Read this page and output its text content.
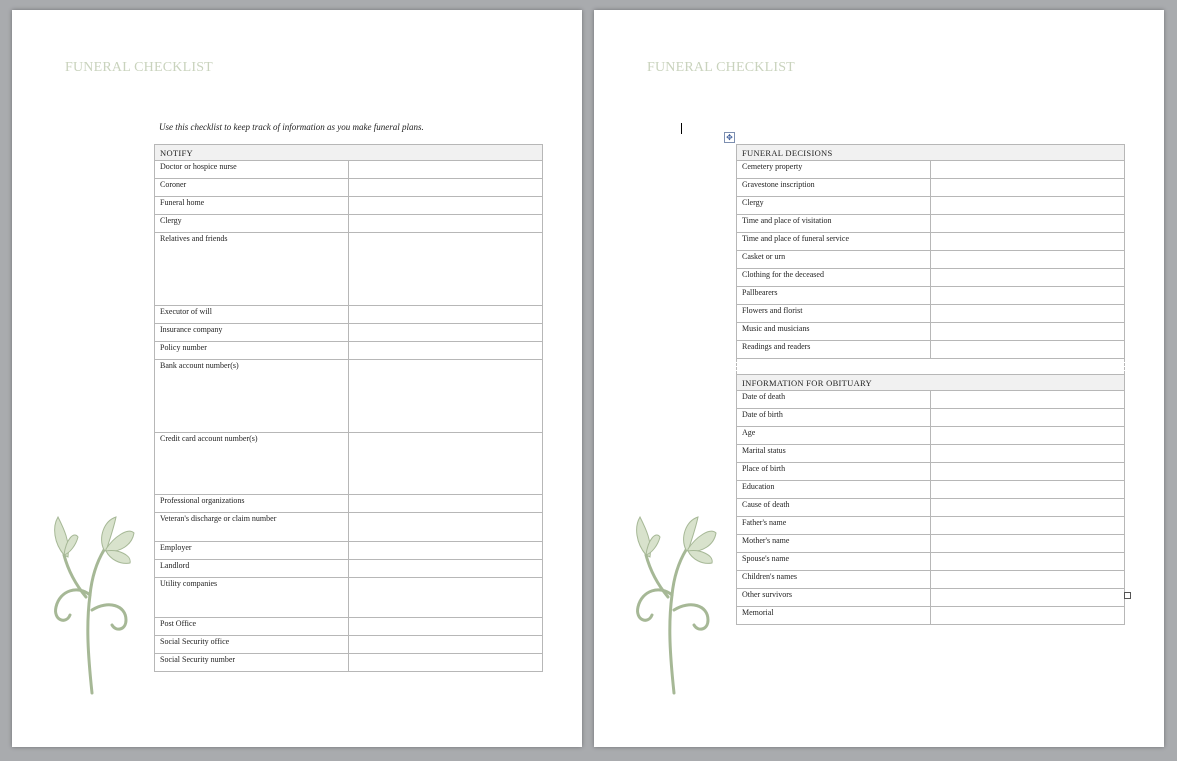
FUNERAL CHECKLIST
Use this checklist to keep track of information as you make funeral plans.
NOTIFY	
Doctor or hospice nurse	
Coroner	
Funeral home	
Clergy	
Relatives and friends	
Executor of will	
Insurance company	
Policy number	
Bank account number(s)	
Credit card account number(s)	
Professional organizations	
Veteran's discharge or claim number	
Employer	
Landlord	
Utility companies	
Post Office	
Social Security office	
Social Security number	
FUNERAL CHECKLIST
✥
FUNERAL DECISIONS	
Cemetery property	
Gravestone inscription	
Clergy	
Time and place of visitation	
Time and place of funeral service	
Casket or urn	
Clothing for the deceased	
Pallbearers	
Flowers and florist	
Music and musicians	
Readings and readers	

INFORMATION FOR OBITUARY	
Date of death	
Date of birth	
Age	
Marital status	
Place of birth	
Education	
Cause of death	
Father's name	
Mother's name	
Spouse's name	
Children's names	
Other survivors	
Memorial	
